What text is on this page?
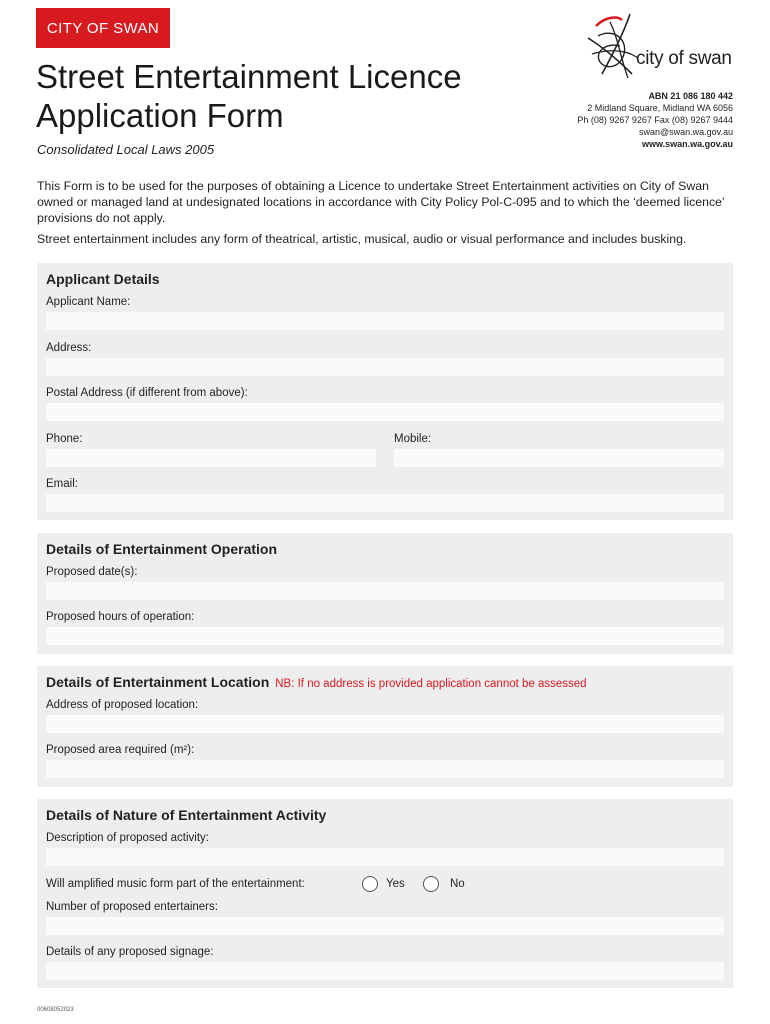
CITY OF SWAN
Street Entertainment Licence
Application Form
Consolidated Local Laws 2005
city of swan
ABN 21 086 180 442
2 Midland Square, Midland WA 6056
Ph (08) 9267 9267 Fax (08) 9267 9444
swan@swan.wa.gov.au
www.swan.wa.gov.au

This Form is to be used for the purposes of obtaining a Licence to undertake Street Entertainment activities on City of Swan owned or managed land at undesignated locations in accordance with City Policy Pol-C-095 and to which the ‘deemed licence’ provisions do not apply.

Street entertainment includes any form of theatrical, artistic, musical, audio or visual performance and includes busking.

Applicant Details
Applicant Name:
Address:
Postal Address (if different from above):
Phone:	Mobile:
Email:
Details of Entertainment Operation
Proposed date(s):
Proposed hours of operation:
Details of Entertainment Location NB: If no address is provided application cannot be assessed
Address of proposed location:
Proposed area required (m²):
Details of Nature of Entertainment Activity
Description of proposed activity:
Will amplified music form part of the entertainment:	Yes	No
Number of proposed entertainers:
Details of any proposed signage:
00608052023
